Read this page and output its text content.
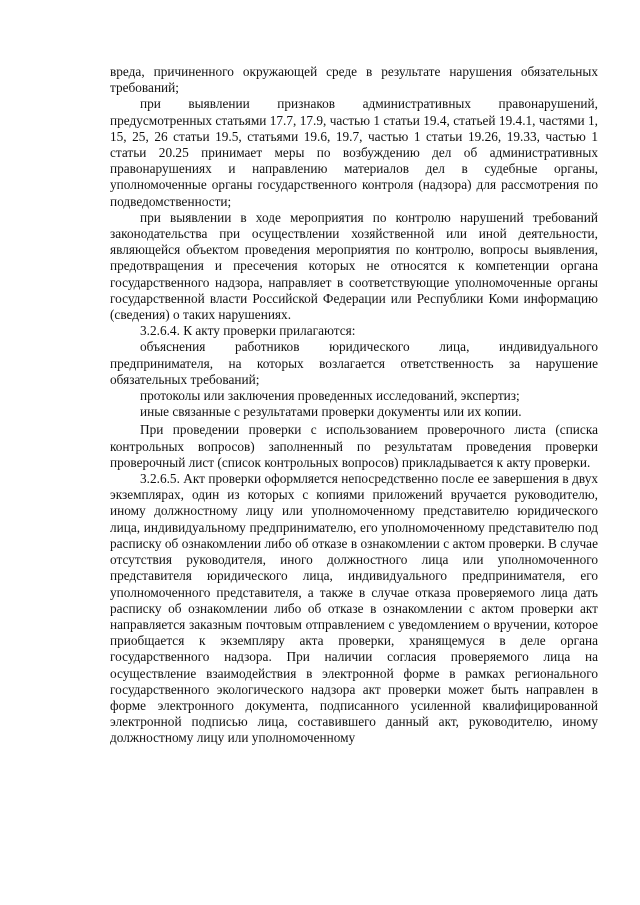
вреда, причиненного окружающей среде в результате нарушения обязательных требований;

при выявлении признаков административных правонарушений, предусмотренных статьями 17.7, 17.9, частью 1 статьи 19.4, статьей 19.4.1, частями 1, 15, 25, 26 статьи 19.5, статьями 19.6, 19.7, частью 1 статьи 19.26, 19.33, частью 1 статьи 20.25 принимает меры по возбуждению дел об административных правонарушениях и направлению материалов дел в судебные органы, уполномоченные органы государственного контроля (надзора) для рассмотрения по подведомственности;

при выявлении в ходе мероприятия по контролю нарушений требований законодательства при осуществлении хозяйственной или иной деятельности, являющейся объектом проведения мероприятия по контролю, вопросы выявления, предотвращения и пресечения которых не относятся к компетенции органа государственного надзора, направляет в соответствующие уполномоченные органы государственной власти Российской Федерации или Республики Коми информацию (сведения) о таких нарушениях.

3.2.6.4. К акту проверки прилагаются:

объяснения работников юридического лица, индивидуального предпринимателя, на которых возлагается ответственность за нарушение обязательных требований;

протоколы или заключения проведенных исследований, экспертиз;

иные связанные с результатами проверки документы или их копии.

При проведении проверки с использованием проверочного листа (списка контрольных вопросов) заполненный по результатам проведения проверки проверочный лист (список контрольных вопросов) прикладывается к акту проверки.

3.2.6.5. Акт проверки оформляется непосредственно после ее завершения в двух экземплярах, один из которых с копиями приложений вручается руководителю, иному должностному лицу или уполномоченному представителю юридического лица, индивидуальному предпринимателю, его уполномоченному представителю под расписку об ознакомлении либо об отказе в ознакомлении с актом проверки. В случае отсутствия руководителя, иного должностного лица или уполномоченного представителя юридического лица, индивидуального предпринимателя, его уполномоченного представителя, а также в случае отказа проверяемого лица дать расписку об ознакомлении либо об отказе в ознакомлении с актом проверки акт направляется заказным почтовым отправлением с уведомлением о вручении, которое приобщается к экземпляру акта проверки, хранящемуся в деле органа государственного надзора. При наличии согласия проверяемого лица на осуществление взаимодействия в электронной форме в рамках регионального государственного экологического надзора акт проверки может быть направлен в форме электронного документа, подписанного усиленной квалифицированной электронной подписью лица, составившего данный акт, руководителю, иному должностному лицу или уполномоченному
